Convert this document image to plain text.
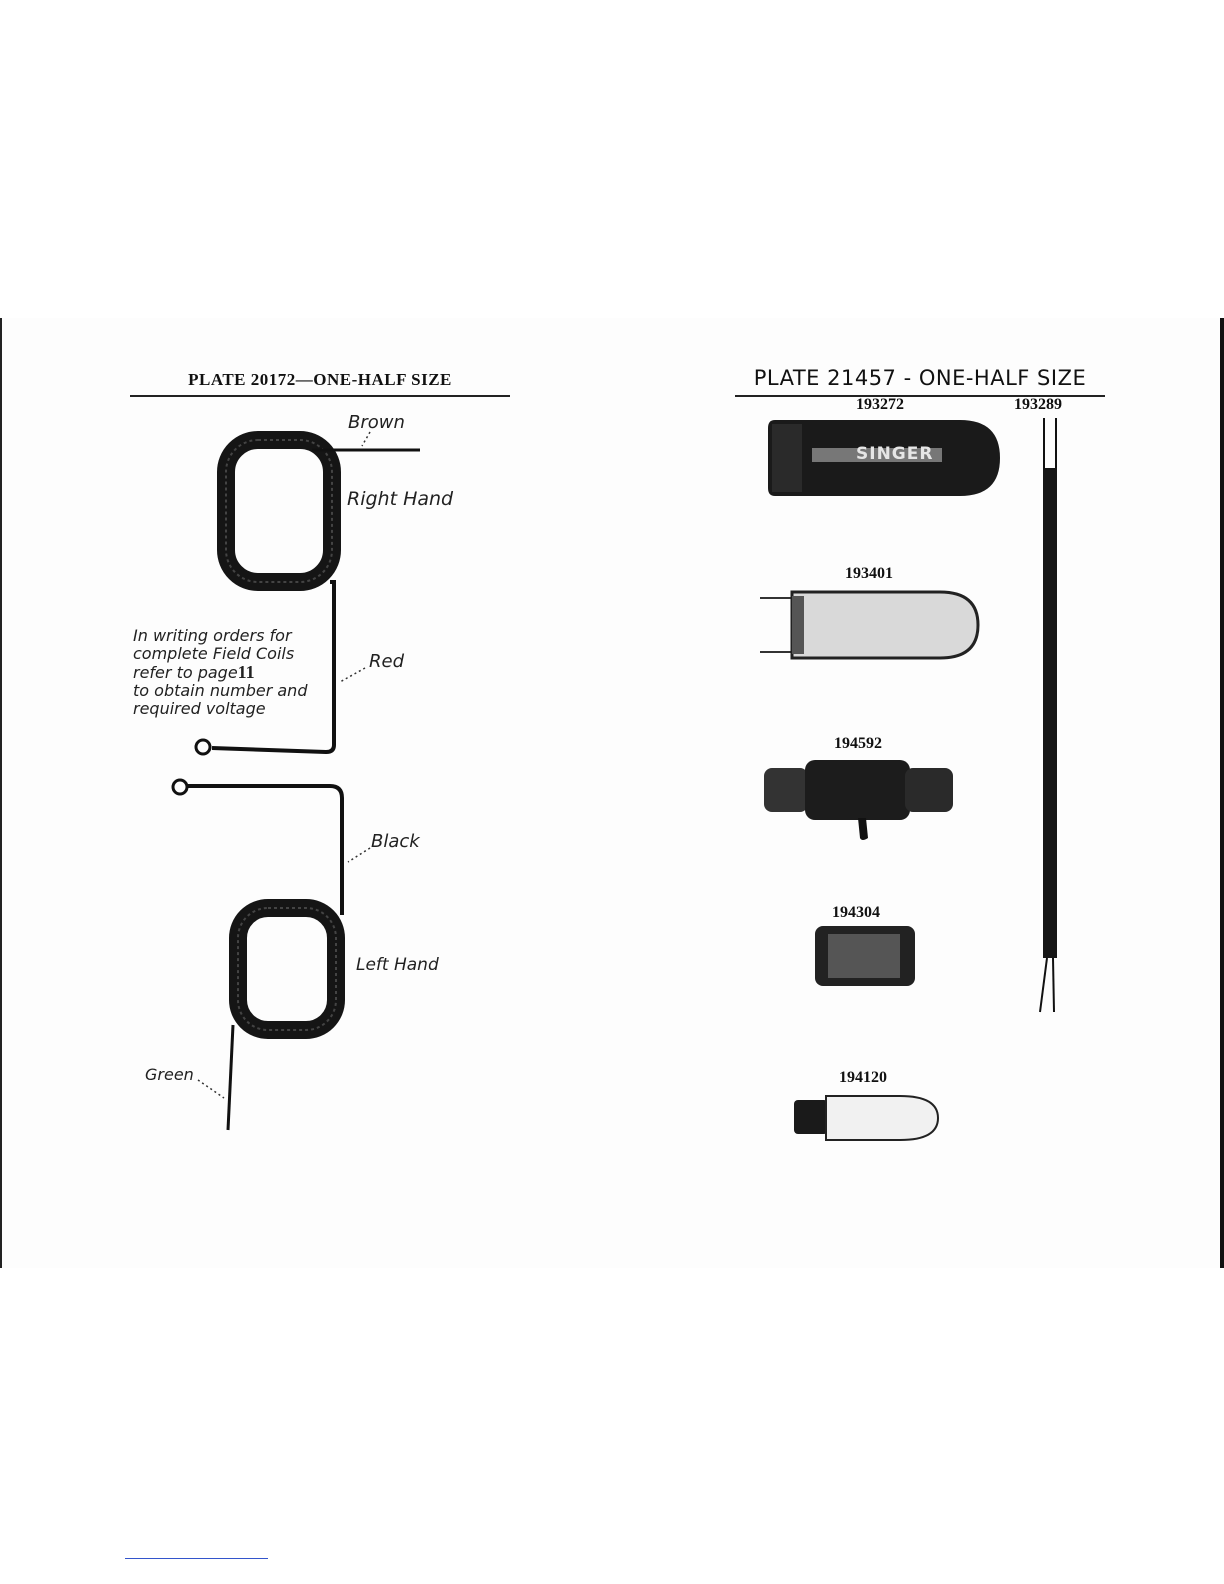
PLATE 20172—ONE-HALF SIZE
Brown
Right Hand
Red
Black
Left Hand
Green
In writing orders for
complete Field Coils
refer to page11
to obtain number and
required voltage
PLATE 21457 - ONE-HALF SIZE
193272
SINGER
193289
193401
194592
194304
194120
